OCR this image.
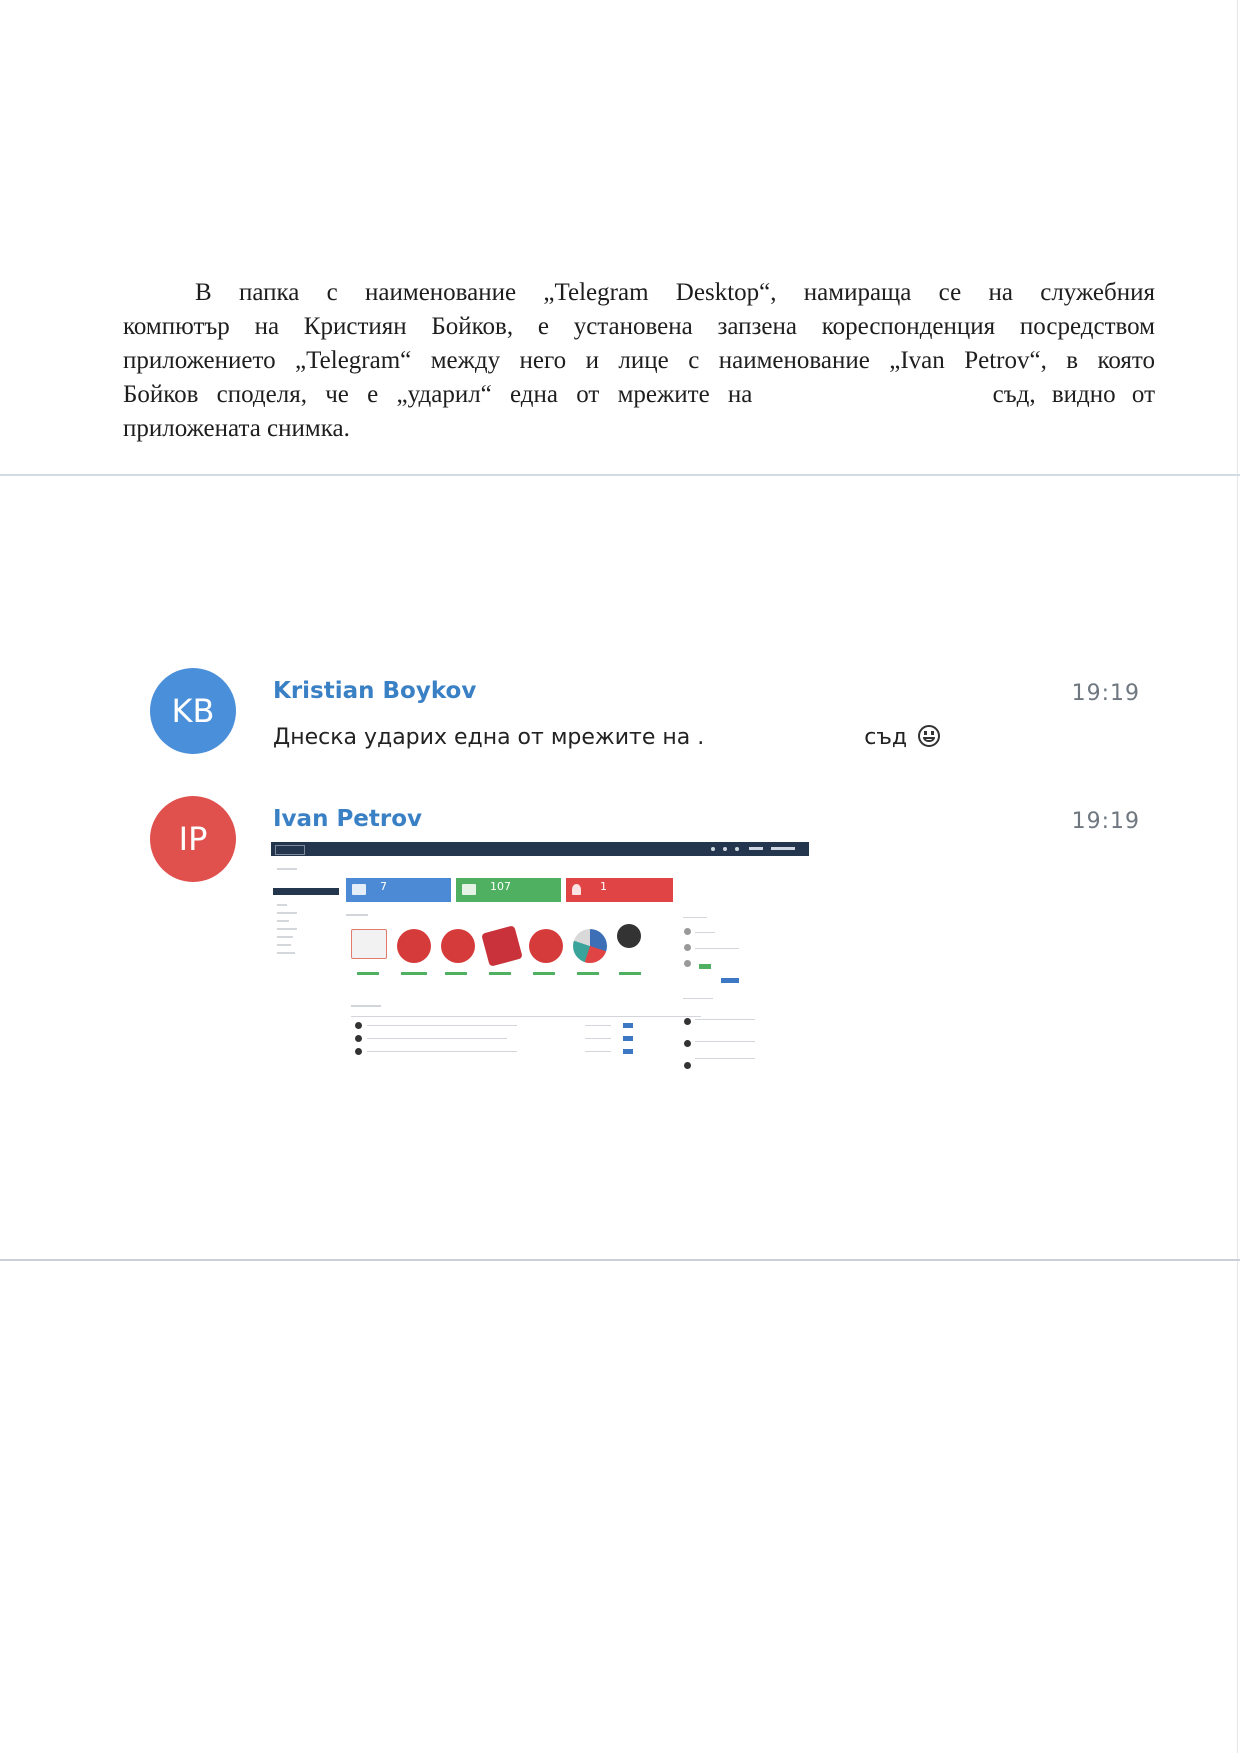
В папка с наименование „Telegram Desktop“, намираща се на служебния
компютър на Кристиян Бойков, е установена запзена кореспонденция посредством
приложението „Telegram“ между него и лице с наименование „Ivan Petrov“, в която
Бойков споделя, че е „ударил“ една от мрежите на	съд, видно от
приложената снимка.
KB
Kristian Boykov	19:19
Днеска ударих една от мрежите на .	съд
IP
Ivan Petrov	19:19
7	107	1
